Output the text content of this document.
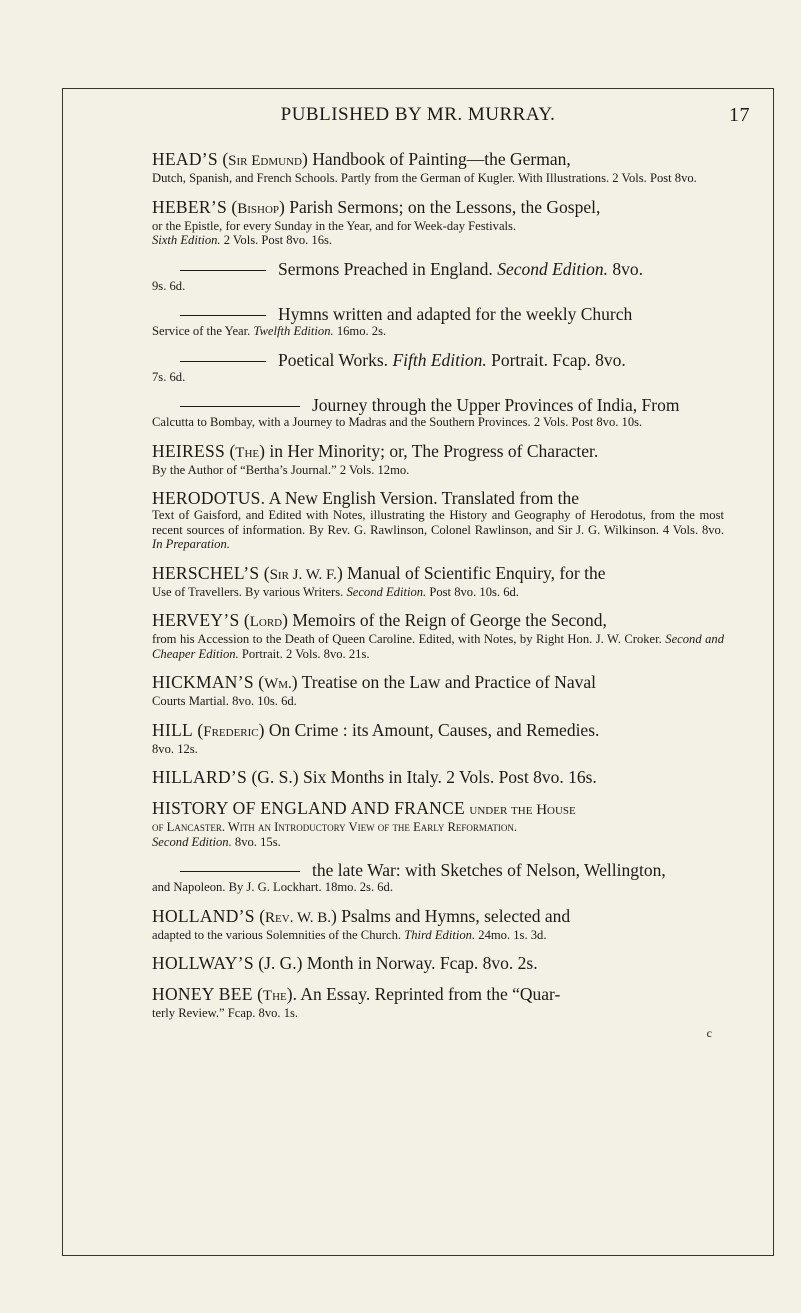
PUBLISHED BY MR. MURRAY.	17
HEAD’S (Sir Edmund) Handbook of Painting—the German,
Dutch, Spanish, and French Schools. Partly from the German of Kugler. With Illustrations. 2 Vols. Post 8vo.
HEBER’S (Bishop) Parish Sermons; on the Lessons, the Gospel,
or the Epistle, for every Sunday in the Year, and for Week-day Festivals.
Sixth Edition. 2 Vols. Post 8vo. 16s.
Sermons Preached in England. Second Edition. 8vo.
9s. 6d.
Hymns written and adapted for the weekly Church
Service of the Year. Twelfth Edition. 16mo. 2s.
Poetical Works. Fifth Edition. Portrait. Fcap. 8vo.
7s. 6d.
Journey through the Upper Provinces of India, From
Calcutta to Bombay, with a Journey to Madras and the Southern Provinces. 2 Vols. Post 8vo. 10s.
HEIRESS (The) in Her Minority; or, The Progress of Character.
By the Author of “Bertha’s Journal.” 2 Vols. 12mo.
HERODOTUS. A New English Version. Translated from the
Text of Gaisford, and Edited with Notes, illustrating the History and Geography of Herodotus, from the most recent sources of information. By Rev. G. Rawlinson, Colonel Rawlinson, and Sir J. G. Wilkinson. 4 Vols. 8vo. In Preparation.
HERSCHEL’S (Sir J. W. F.) Manual of Scientific Enquiry, for the
Use of Travellers. By various Writers. Second Edition. Post 8vo. 10s. 6d.
HERVEY’S (Lord) Memoirs of the Reign of George the Second,
from his Accession to the Death of Queen Caroline. Edited, with Notes, by Right Hon. J. W. Croker. Second and Cheaper Edition. Portrait. 2 Vols. 8vo. 21s.
HICKMAN’S (Wm.) Treatise on the Law and Practice of Naval
Courts Martial. 8vo. 10s. 6d.
HILL (Frederic) On Crime : its Amount, Causes, and Remedies.
8vo. 12s.
HILLARD’S (G. S.) Six Months in Italy. 2 Vols. Post 8vo. 16s.
HISTORY OF ENGLAND AND FRANCE under the House
of Lancaster. With an Introductory View of the Early Reformation.
Second Edition. 8vo. 15s.
the late War: with Sketches of Nelson, Wellington,
and Napoleon. By J. G. Lockhart. 18mo. 2s. 6d.
HOLLAND’S (Rev. W. B.) Psalms and Hymns, selected and
adapted to the various Solemnities of the Church. Third Edition. 24mo. 1s. 3d.
HOLLWAY’S (J. G.) Month in Norway. Fcap. 8vo. 2s.
HONEY BEE (The). An Essay. Reprinted from the “Quar-
terly Review.” Fcap. 8vo. 1s.
c
